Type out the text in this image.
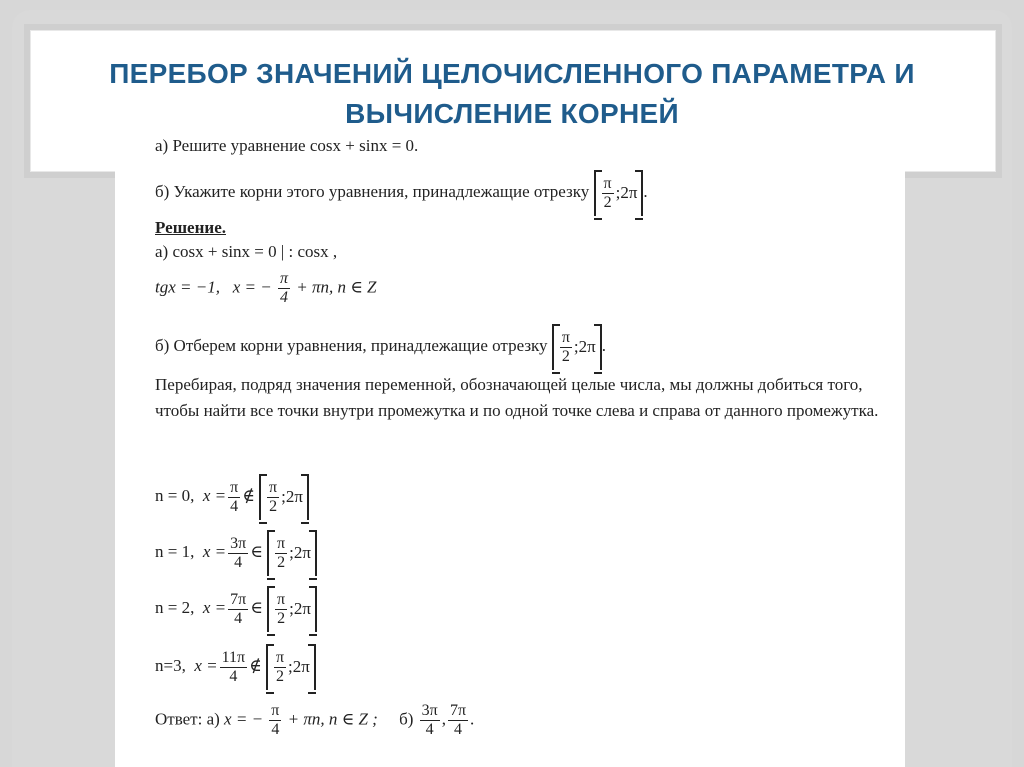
ПЕРЕБОР ЗНАЧЕНИЙ ЦЕЛОЧИСЛЕННОГО ПАРАМЕТРА И ВЫЧИСЛЕНИЕ КОРНЕЙ
а) Решите уравнение cosx + sinx = 0.
б) Укажите корни этого уравнения, принадлежащие отрезку $\frac{\pi}{2}$ ;2π .
Решение.
а) cosx + sinx = 0 | : cosx ,
tgx = −1, x = − $\frac{\pi}{4} + \pi n$, n ∈ Z
б) Отберем корни уравнения, принадлежащие отрезку $\frac{\pi}{2}$ ;2π .
Перебирая, подряд значения переменной, обозначающей целые числа, мы должны добиться того, чтобы найти все точки внутри промежутка и по одной точке слева и справа от данного промежутка.
n = 0, $x = \frac{\pi}{4}$ ∉ $\frac{\pi}{2}$ ;2π
n = 1, $x = \frac{3\pi}{4}$ ∈ $\frac{\pi}{2}$ ;2π
n = 2, $x = \frac{7\pi}{4}$ ∈ $\frac{\pi}{2}$ ;2π
n=3, $x = \frac{11\pi}{4}$ ∉ $\frac{\pi}{2}$ ;2π
Ответ: а) x = − $\frac{\pi}{4} + \pi n$, n ∈ Z ; $б) \frac{3\pi}{4}$ , $\frac{7\pi}{4}$ .
